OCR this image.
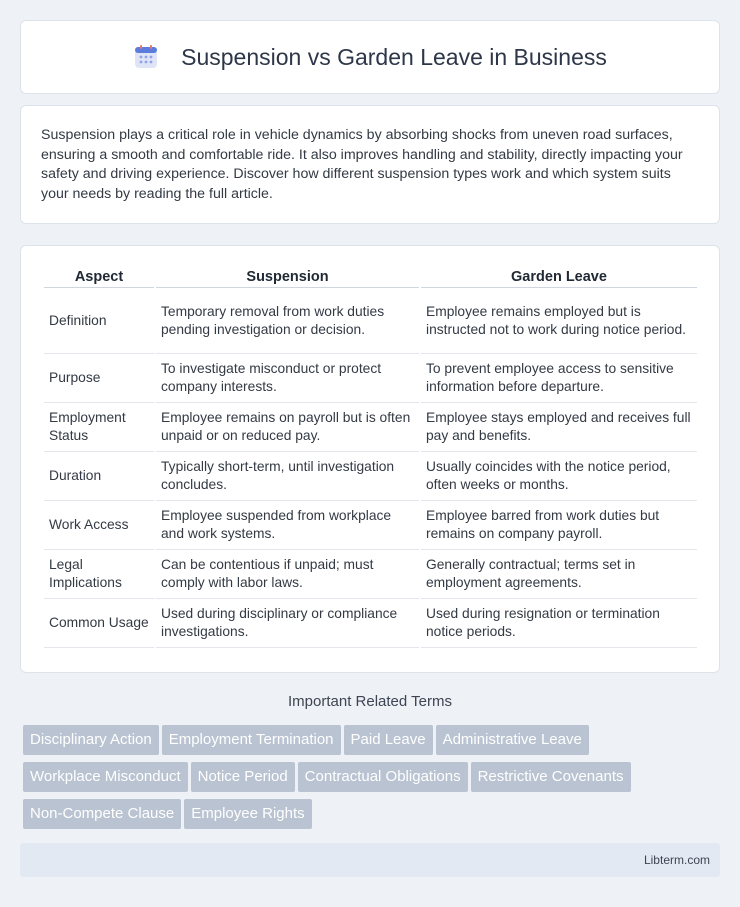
Suspension vs Garden Leave in Business

Suspension plays a critical role in vehicle dynamics by absorbing shocks from uneven road surfaces, ensuring a smooth and comfortable ride. It also improves handling and stability, directly impacting your safety and driving experience. Discover how different suspension types work and which system suits your needs by reading the full article.

Aspect	Suspension	Garden Leave
Definition	Temporary removal from work duties pending investigation or decision.	Employee remains employed but is instructed not to work during notice period.
Purpose	To investigate misconduct or protect company interests.	To prevent employee access to sensitive information before departure.
Employment Status	Employee remains on payroll but is often unpaid or on reduced pay.	Employee stays employed and receives full pay and benefits.
Duration	Typically short-term, until investigation concludes.	Usually coincides with the notice period, often weeks or months.
Work Access	Employee suspended from workplace and work systems.	Employee barred from work duties but remains on company payroll.
Legal Implications	Can be contentious if unpaid; must comply with labor laws.	Generally contractual; terms set in employment agreements.
Common Usage	Used during disciplinary or compliance investigations.	Used during resignation or termination notice periods.
Important Related Terms
Disciplinary Action Employment Termination Paid Leave Administrative Leave
Workplace Misconduct Notice Period Contractual Obligations Restrictive Covenants
Non-Compete Clause Employee Rights
Libterm.com
